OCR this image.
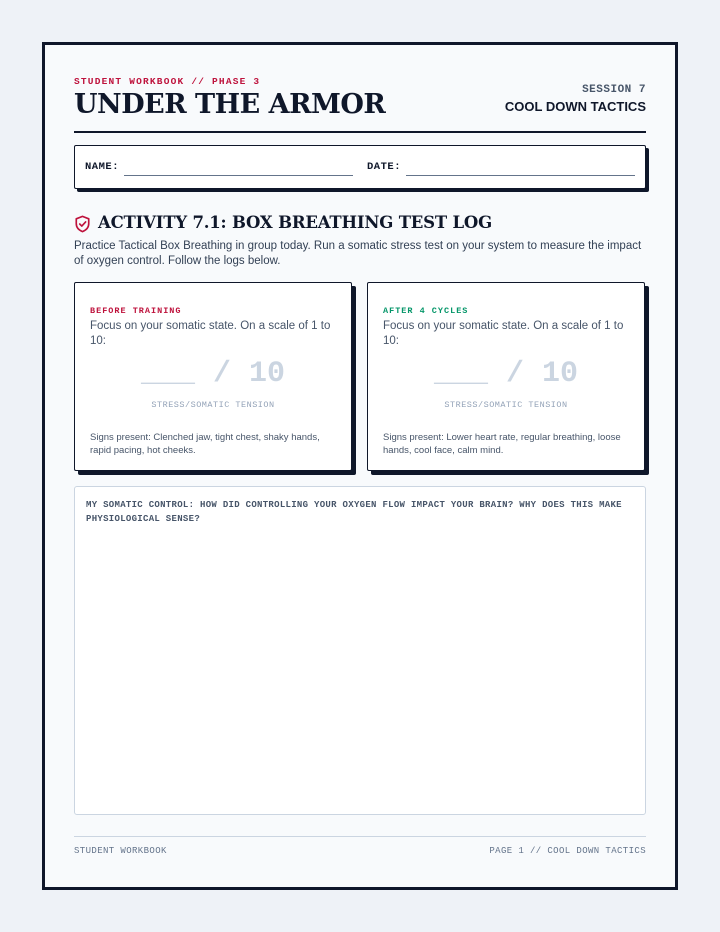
STUDENT WORKBOOK // PHASE 3
UNDER THE ARMOR	SESSION 7
COOL DOWN TACTICS
NAME:	DATE:
ACTIVITY 7.1: BOX BREATHING TEST LOG
Practice Tactical Box Breathing in group today. Run a somatic stress test on your system to measure the impact of oxygen control. Follow the logs below.
BEFORE TRAINING
Focus on your somatic state. On a scale of 1 to 10:
___ / 10
STRESS/SOMATIC TENSION
Signs present: Clenched jaw, tight chest, shaky hands, rapid pacing, hot cheeks.
AFTER 4 CYCLES
Focus on your somatic state. On a scale of 1 to 10:
___ / 10
STRESS/SOMATIC TENSION
Signs present: Lower heart rate, regular breathing, loose hands, cool face, calm mind.
MY SOMATIC CONTROL: HOW DID CONTROLLING YOUR OXYGEN FLOW IMPACT YOUR BRAIN? WHY DOES THIS MAKE PHYSIOLOGICAL SENSE?
STUDENT WORKBOOK	PAGE 1 // COOL DOWN TACTICS
